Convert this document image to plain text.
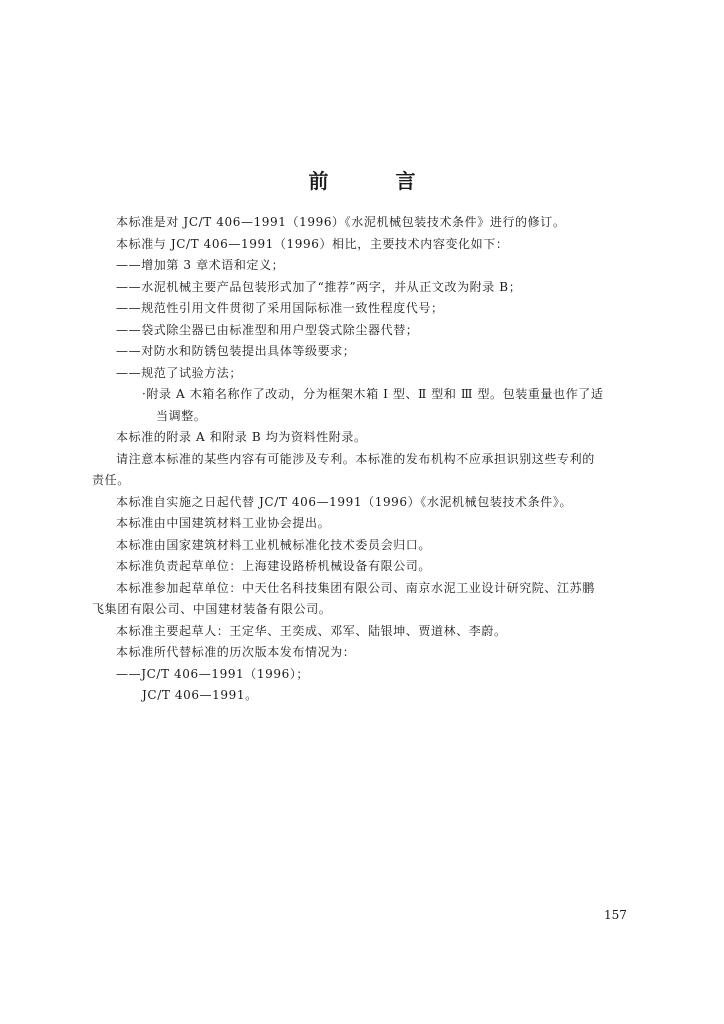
前 言

本标准是对 JC/T 406—1991（1996）《水泥机械包装技术条件》进行的修订。

本标准与 JC/T 406—1991（1996）相比，主要技术内容变化如下：

——增加第 3 章术语和定义；

——水泥机械主要产品包装形式加了“推荐”两字，并从正文改为附录 B；

——规范性引用文件贯彻了采用国际标准一致性程度代号；

——袋式除尘器已由标准型和用户型袋式除尘器代替；

——对防水和防锈包装提出具体等级要求；

——规范了试验方法；

·附录 A 木箱名称作了改动，分为框架木箱 Ⅰ 型、Ⅱ 型和 Ⅲ 型。包装重量也作了适

当调整。

本标准的附录 A 和附录 B 均为资料性附录。

请注意本标准的某些内容有可能涉及专利。本标准的发布机构不应承担识别这些专利的

责任。

本标准自实施之日起代替 JC/T 406—1991（1996）《水泥机械包装技术条件》。

本标准由中国建筑材料工业协会提出。

本标准由国家建筑材料工业机械标准化技术委员会归口。

本标准负责起草单位：上海建设路桥机械设备有限公司。

本标准参加起草单位：中天仕名科技集团有限公司、南京水泥工业设计研究院、江苏鹏

飞集团有限公司、中国建材装备有限公司。

本标准主要起草人：王定华、王奕成、邓军、陆银坤、贾道林、李蔚。

本标准所代替标准的历次版本发布情况为：

——JC/T 406—1991（1996）；

JC/T 406—1991。

157
